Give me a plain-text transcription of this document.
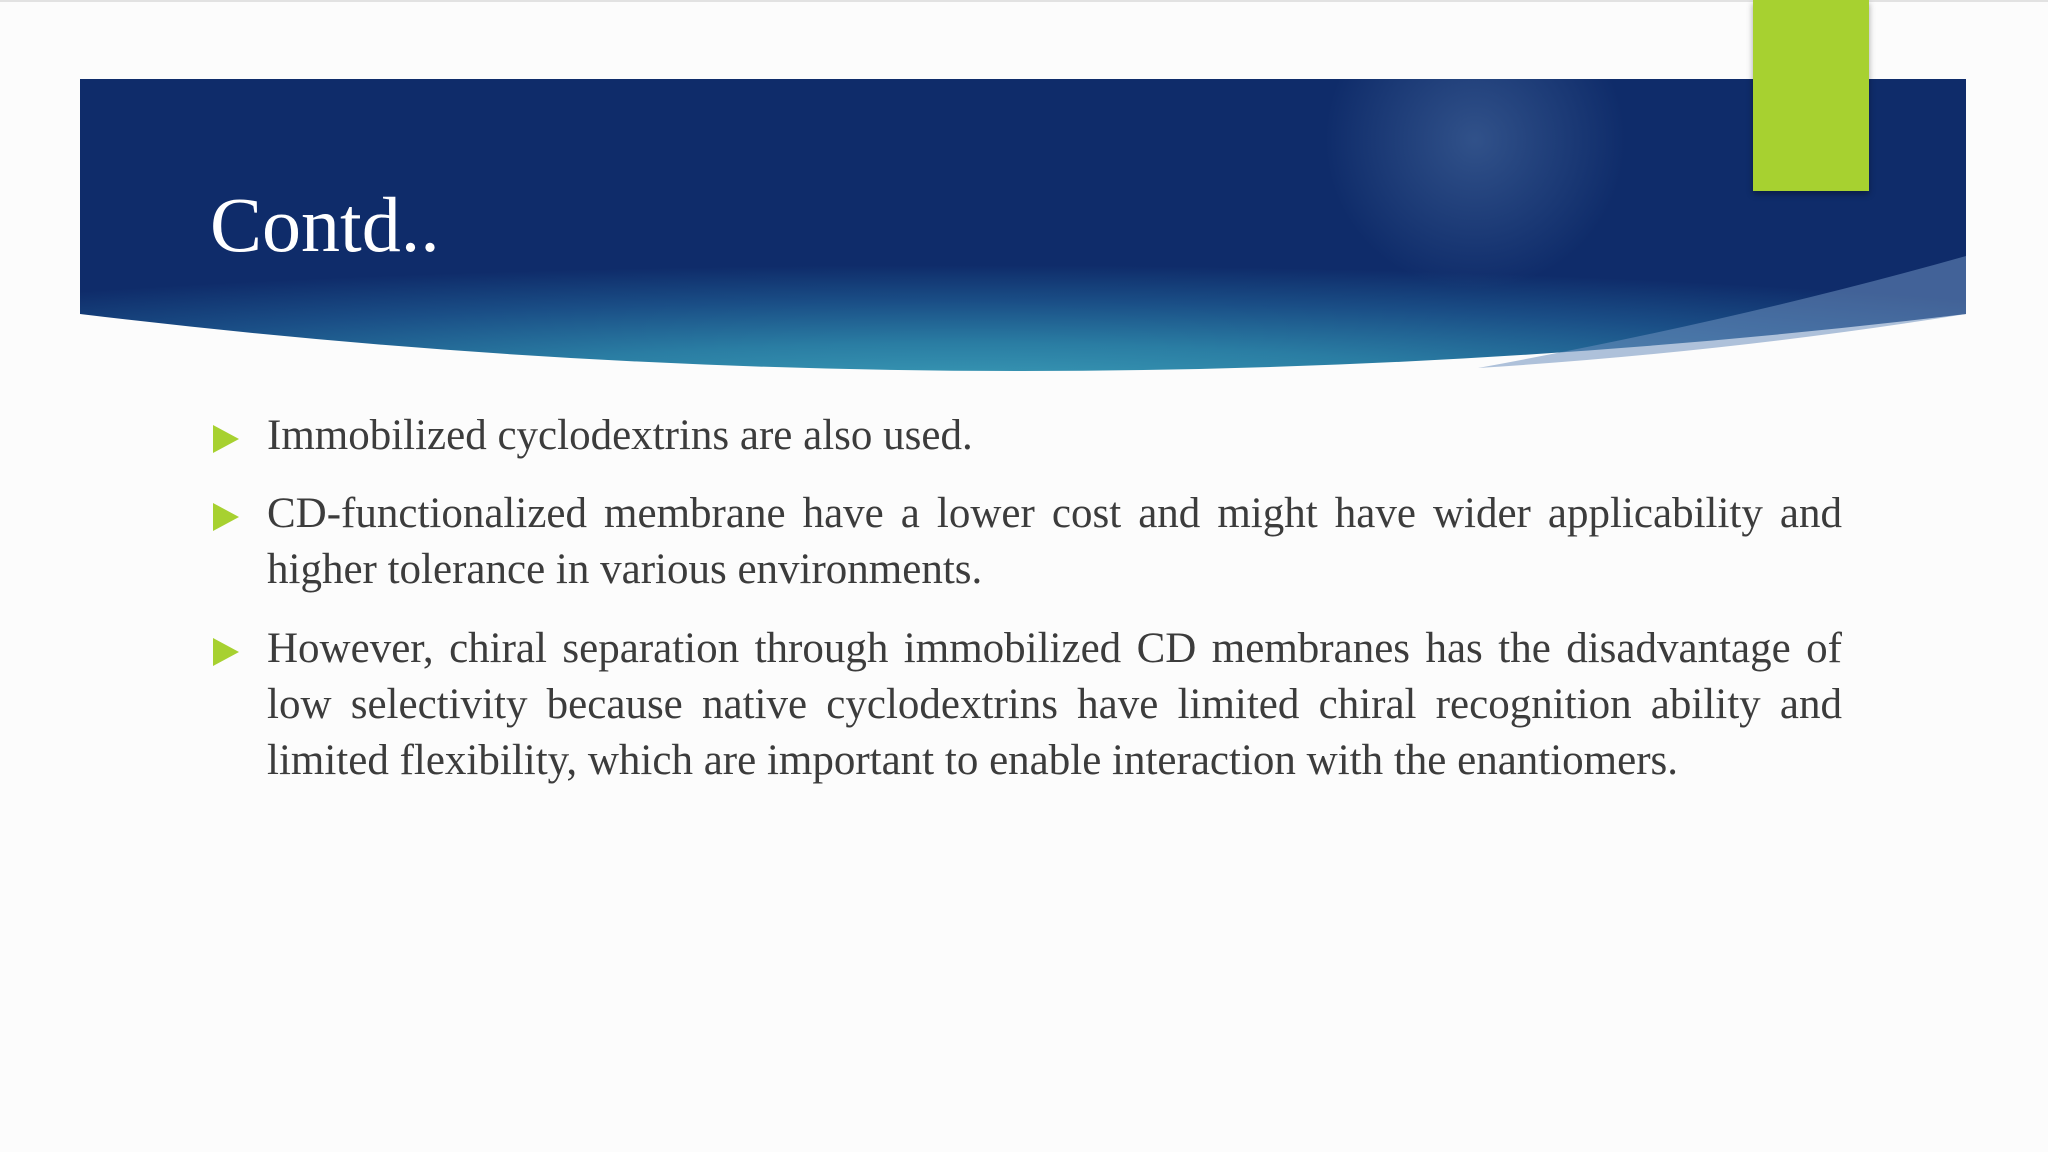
Contd..
Immobilized cyclodextrins are also used.
CD-functionalized membrane have a lower cost and might have wider applicability and higher tolerance in various environments.
However, chiral separation through immobilized CD membranes has the disadvantage of low selectivity because native cyclodextrins have limited chiral recognition ability and limited flexibility, which are important to enable interaction with the enantiomers.
